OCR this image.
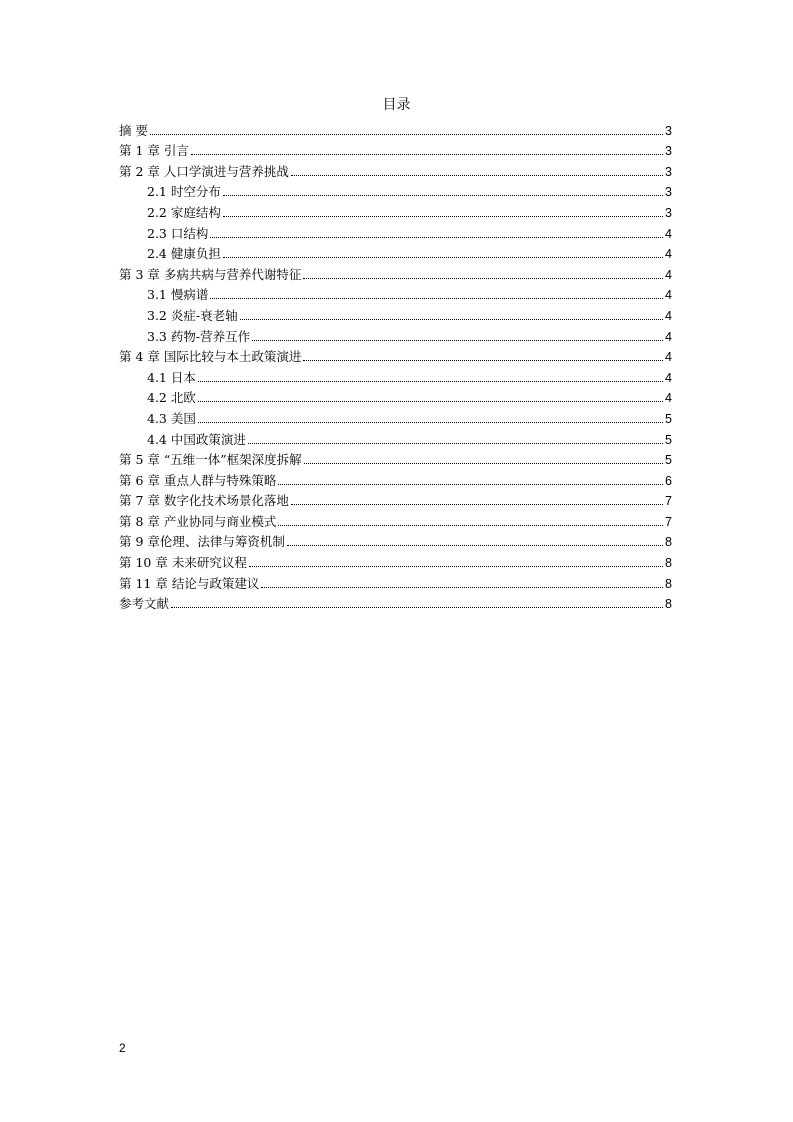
目录
摘 要	3
第 1 章 引言	3
第 2 章 人口学演进与营养挑战	3
2.1 时空分布	3
2.2 家庭结构	3
2.3 口结构	4
2.4 健康负担	4
第 3 章 多病共病与营养代谢特征	4
3.1 慢病谱	4
3.2 炎症-衰老轴	4
3.3 药物-营养互作	4
第 4 章 国际比较与本土政策演进	4
4.1 日本	4
4.2 北欧	4
4.3 美国	5
4.4 中国政策演进	5
第 5 章 “五维一体”框架深度拆解	5
第 6 章 重点人群与特殊策略	6
第 7 章 数字化技术场景化落地	7
第 8 章 产业协同与商业模式	7
第 9 章伦理、法律与筹资机制	8
第 10 章 未来研究议程	8
第 11 章 结论与政策建议	8
参考文献	8
2
